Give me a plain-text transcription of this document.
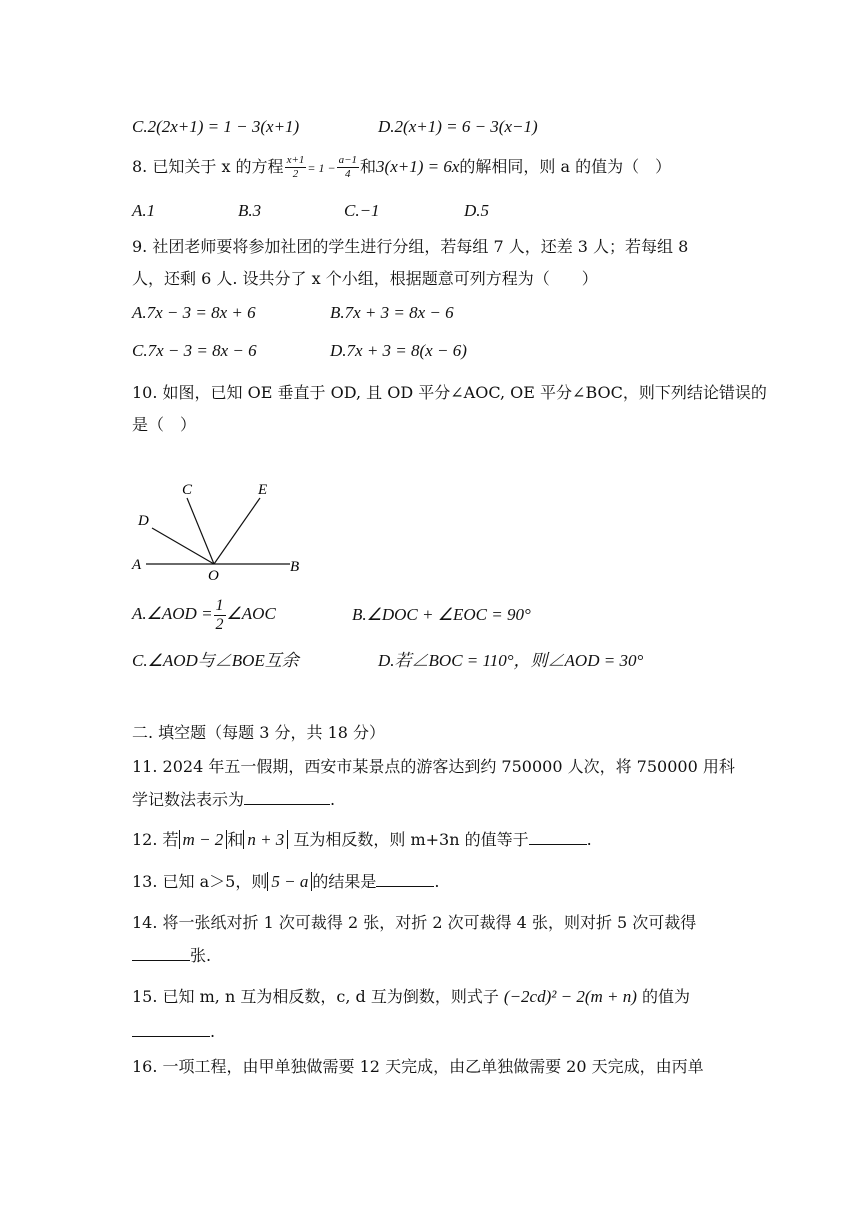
C.2(2x+1) = 1 − 3(x+1)	D.2(x+1) = 6 − 3(x−1)
8. 已知关于 x 的方程 $\frac{x+1}{2} = 1 - \frac{a-1}{4}$ 和3(x+1) = 6x的解相同，则 a 的值为（　）
A.1	B.3	C.−1	D.5
9. 社团老师要将参加社团的学生进行分组，若每组 7 人，还差 3 人；若每组 8
人，还剩 6 人. 设共分了 x 个小组，根据题意可列方程为（　　）
A.7x − 3 = 8x + 6	B.7x + 3 = 8x − 6
C.7x − 3 = 8x − 6	D.7x + 3 = 8(x − 6)
10. 如图，已知 OE 垂直于 OD, 且 OD 平分∠AOC, OE 平分∠BOC，则下列结论错误的
是（　）
A	B
C
D
E
O
A.∠AOD = $\frac{1}{2}$ ∠AOC	B.∠DOC + ∠EOC = 90°
C.∠AOD与∠BOE互余	D.若∠BOC = 110°，则∠AOD = 30°
二. 填空题（每题 3 分，共 18 分）
11. 2024 年五一假期，西安市某景点的游客达到约 750000 人次，将 750000 用科
学记数法表示为	.
12. 若 m − 2 和 n + 3 互为相反数，则 m+3n 的值等于	.
13. 已知 a＞5，则 5 − a 的结果是	.
14. 将一张纸对折 1 次可裁得 2 张，对折 2 次可裁得 4 张，则对折 5 次可裁得
张.
15. 已知 m, n 互为相反数，c, d 互为倒数，则式子 (−2cd)² − 2(m + n) 的值为
.
16. 一项工程，由甲单独做需要 12 天完成，由乙单独做需要 20 天完成，由丙单
